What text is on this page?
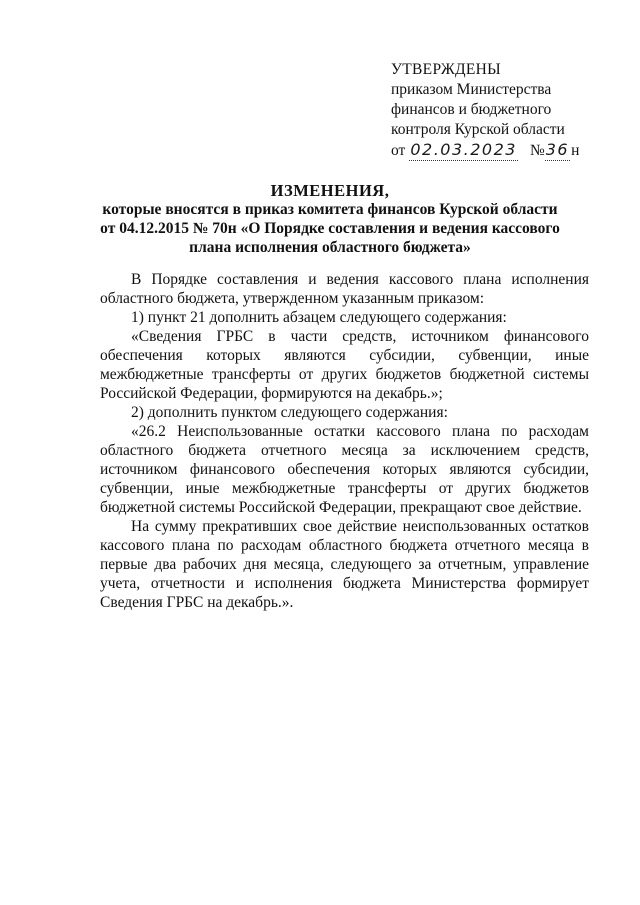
УТВЕРЖДЕНЫ
приказом Министерства
финансов и бюджетного
контроля Курской области
от 02.03.2023 № 36 н
ИЗМЕНЕНИЯ,
которые вносятся в приказ комитета финансов Курской области
от 04.12.2015 № 70н «О Порядке составления и ведения кассового
плана исполнения областного бюджета»

В Порядке составления и ведения кассового плана исполнения областного бюджета, утвержденном указанным приказом:

1) пункт 21 дополнить абзацем следующего содержания:

«Сведения ГРБС в части средств, источником финансового обеспечения которых являются субсидии, субвенции, иные межбюджетные трансферты от других бюджетов бюджетной системы Российской Федерации, формируются на декабрь.»;

2) дополнить пунктом следующего содержания:

«26.2 Неиспользованные остатки кассового плана по расходам областного бюджета отчетного месяца за исключением средств, источником финансового обеспечения которых являются субсидии, субвенции, иные межбюджетные трансферты от других бюджетов бюджетной системы Российской Федерации, прекращают свое действие.

На сумму прекративших свое действие неиспользованных остатков кассового плана по расходам областного бюджета отчетного месяца в первые два рабочих дня месяца, следующего за отчетным, управление учета, отчетности и исполнения бюджета Министерства формирует Сведения ГРБС на декабрь.».
